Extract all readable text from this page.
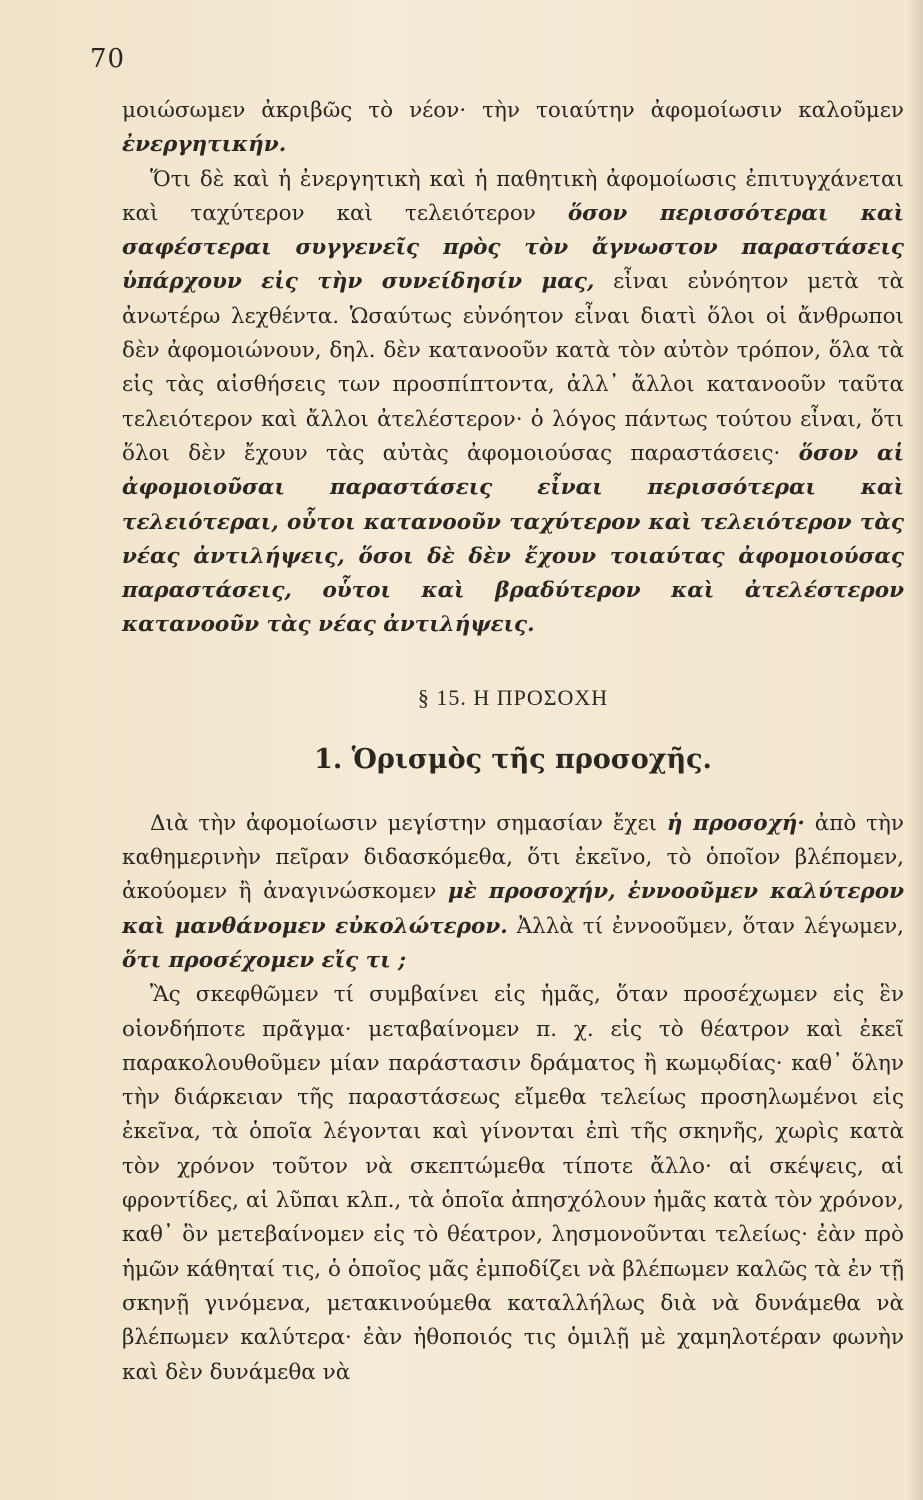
70

μοιώσωμεν ἀκριβῶς τὸ νέον· τὴν τοιαύτην ἀφομοίωσιν καλοῦμεν ἐνεργητικήν.

Ὅτι δὲ καὶ ἡ ἐνεργητικὴ καὶ ἡ παθητικὴ ἀφομοίωσις ἐπιτυγχάνεται καὶ ταχύτερον καὶ τελειότερον ὅσον περισσότεραι καὶ σαφέστεραι συγγενεῖς πρὸς τὸν ἄγνωστον παραστάσεις ὑπάρχουν εἰς τὴν συνείδησίν μας, εἶναι εὐνόητον μετὰ τὰ ἀνωτέρω λεχθέντα. Ὡσαύτως εὐνόητον εἶναι διατὶ ὅλοι οἱ ἄνθρωποι δὲν ἀφομοιώνουν, δηλ. δὲν κατανοοῦν κατὰ τὸν αὐτὸν τρόπον, ὅλα τὰ εἰς τὰς αἰσθήσεις των προσπίπτοντα, ἀλλ᾽ ἄλλοι κατανοοῦν ταῦτα τελειότερον καὶ ἄλλοι ἀτελέστερον· ὁ λόγος πάντως τούτου εἶναι, ὅτι ὅλοι δὲν ἔχουν τὰς αὐτὰς ἀφομοιούσας παραστάσεις· ὅσον αἱ ἀφομοιοῦσαι παραστάσεις εἶναι περισσότεραι καὶ τελειότεραι, οὗτοι κατανοοῦν ταχύτερον καὶ τελειότερον τὰς νέας ἀντιλήψεις, ὅσοι δὲ δὲν ἔχουν τοιαύτας ἀφομοιούσας παραστάσεις, οὗτοι καὶ βραδύτερον καὶ ἀτελέστερον κατανοοῦν τὰς νέας ἀντιλήψεις.

§ 15. Η ΠΡΟΣΟΧΗ
1. Ὁρισμὸς τῆς προσοχῆς.

Διὰ τὴν ἀφομοίωσιν μεγίστην σημασίαν ἔχει ἡ προσοχή· ἀπὸ τὴν καθημερινὴν πεῖραν διδασκόμεθα, ὅτι ἐκεῖνο, τὸ ὁποῖον βλέπομεν, ἀκούομεν ἢ ἀναγινώσκομεν μὲ προσοχήν, ἐννοοῦμεν καλύτερον καὶ μανθάνομεν εὐκολώτερον. Ἀλλὰ τί ἐννοοῦμεν, ὅταν λέγωμεν, ὅτι προσέχομεν εἴς τι ;

Ἂς σκεφθῶμεν τί συμβαίνει εἰς ἡμᾶς, ὅταν προσέχωμεν εἰς ἓν οἱονδήποτε πρᾶγμα· μεταβαίνομεν π. χ. εἰς τὸ θέατρον καὶ ἐκεῖ παρακολουθοῦμεν μίαν παράστασιν δράματος ἢ κωμῳδίας· καθ᾽ ὅλην τὴν διάρκειαν τῆς παραστάσεως εἴμεθα τελείως προσηλωμένοι εἰς ἐκεῖνα, τὰ ὁποῖα λέγονται καὶ γίνονται ἐπὶ τῆς σκηνῆς, χωρὶς κατὰ τὸν χρόνον τοῦτον νὰ σκεπτώμεθα τίποτε ἄλλο· αἱ σκέψεις, αἱ φροντίδες, αἱ λῦπαι κλπ., τὰ ὁποῖα ἀπησχόλουν ἡμᾶς κατὰ τὸν χρόνον, καθ᾽ ὃν μετεβαίνομεν εἰς τὸ θέατρον, λησμονοῦνται τελείως· ἐὰν πρὸ ἡμῶν κάθηταί τις, ὁ ὁποῖος μᾶς ἐμποδίζει νὰ βλέπωμεν καλῶς τὰ ἐν τῇ σκηνῇ γινόμενα, μετακινούμεθα καταλλήλως διὰ νὰ δυνάμεθα νὰ βλέπωμεν καλύτερα· ἐὰν ἠθοποιός τις ὁμιλῇ μὲ χαμηλοτέραν φωνὴν καὶ δὲν δυνάμεθα νὰ
